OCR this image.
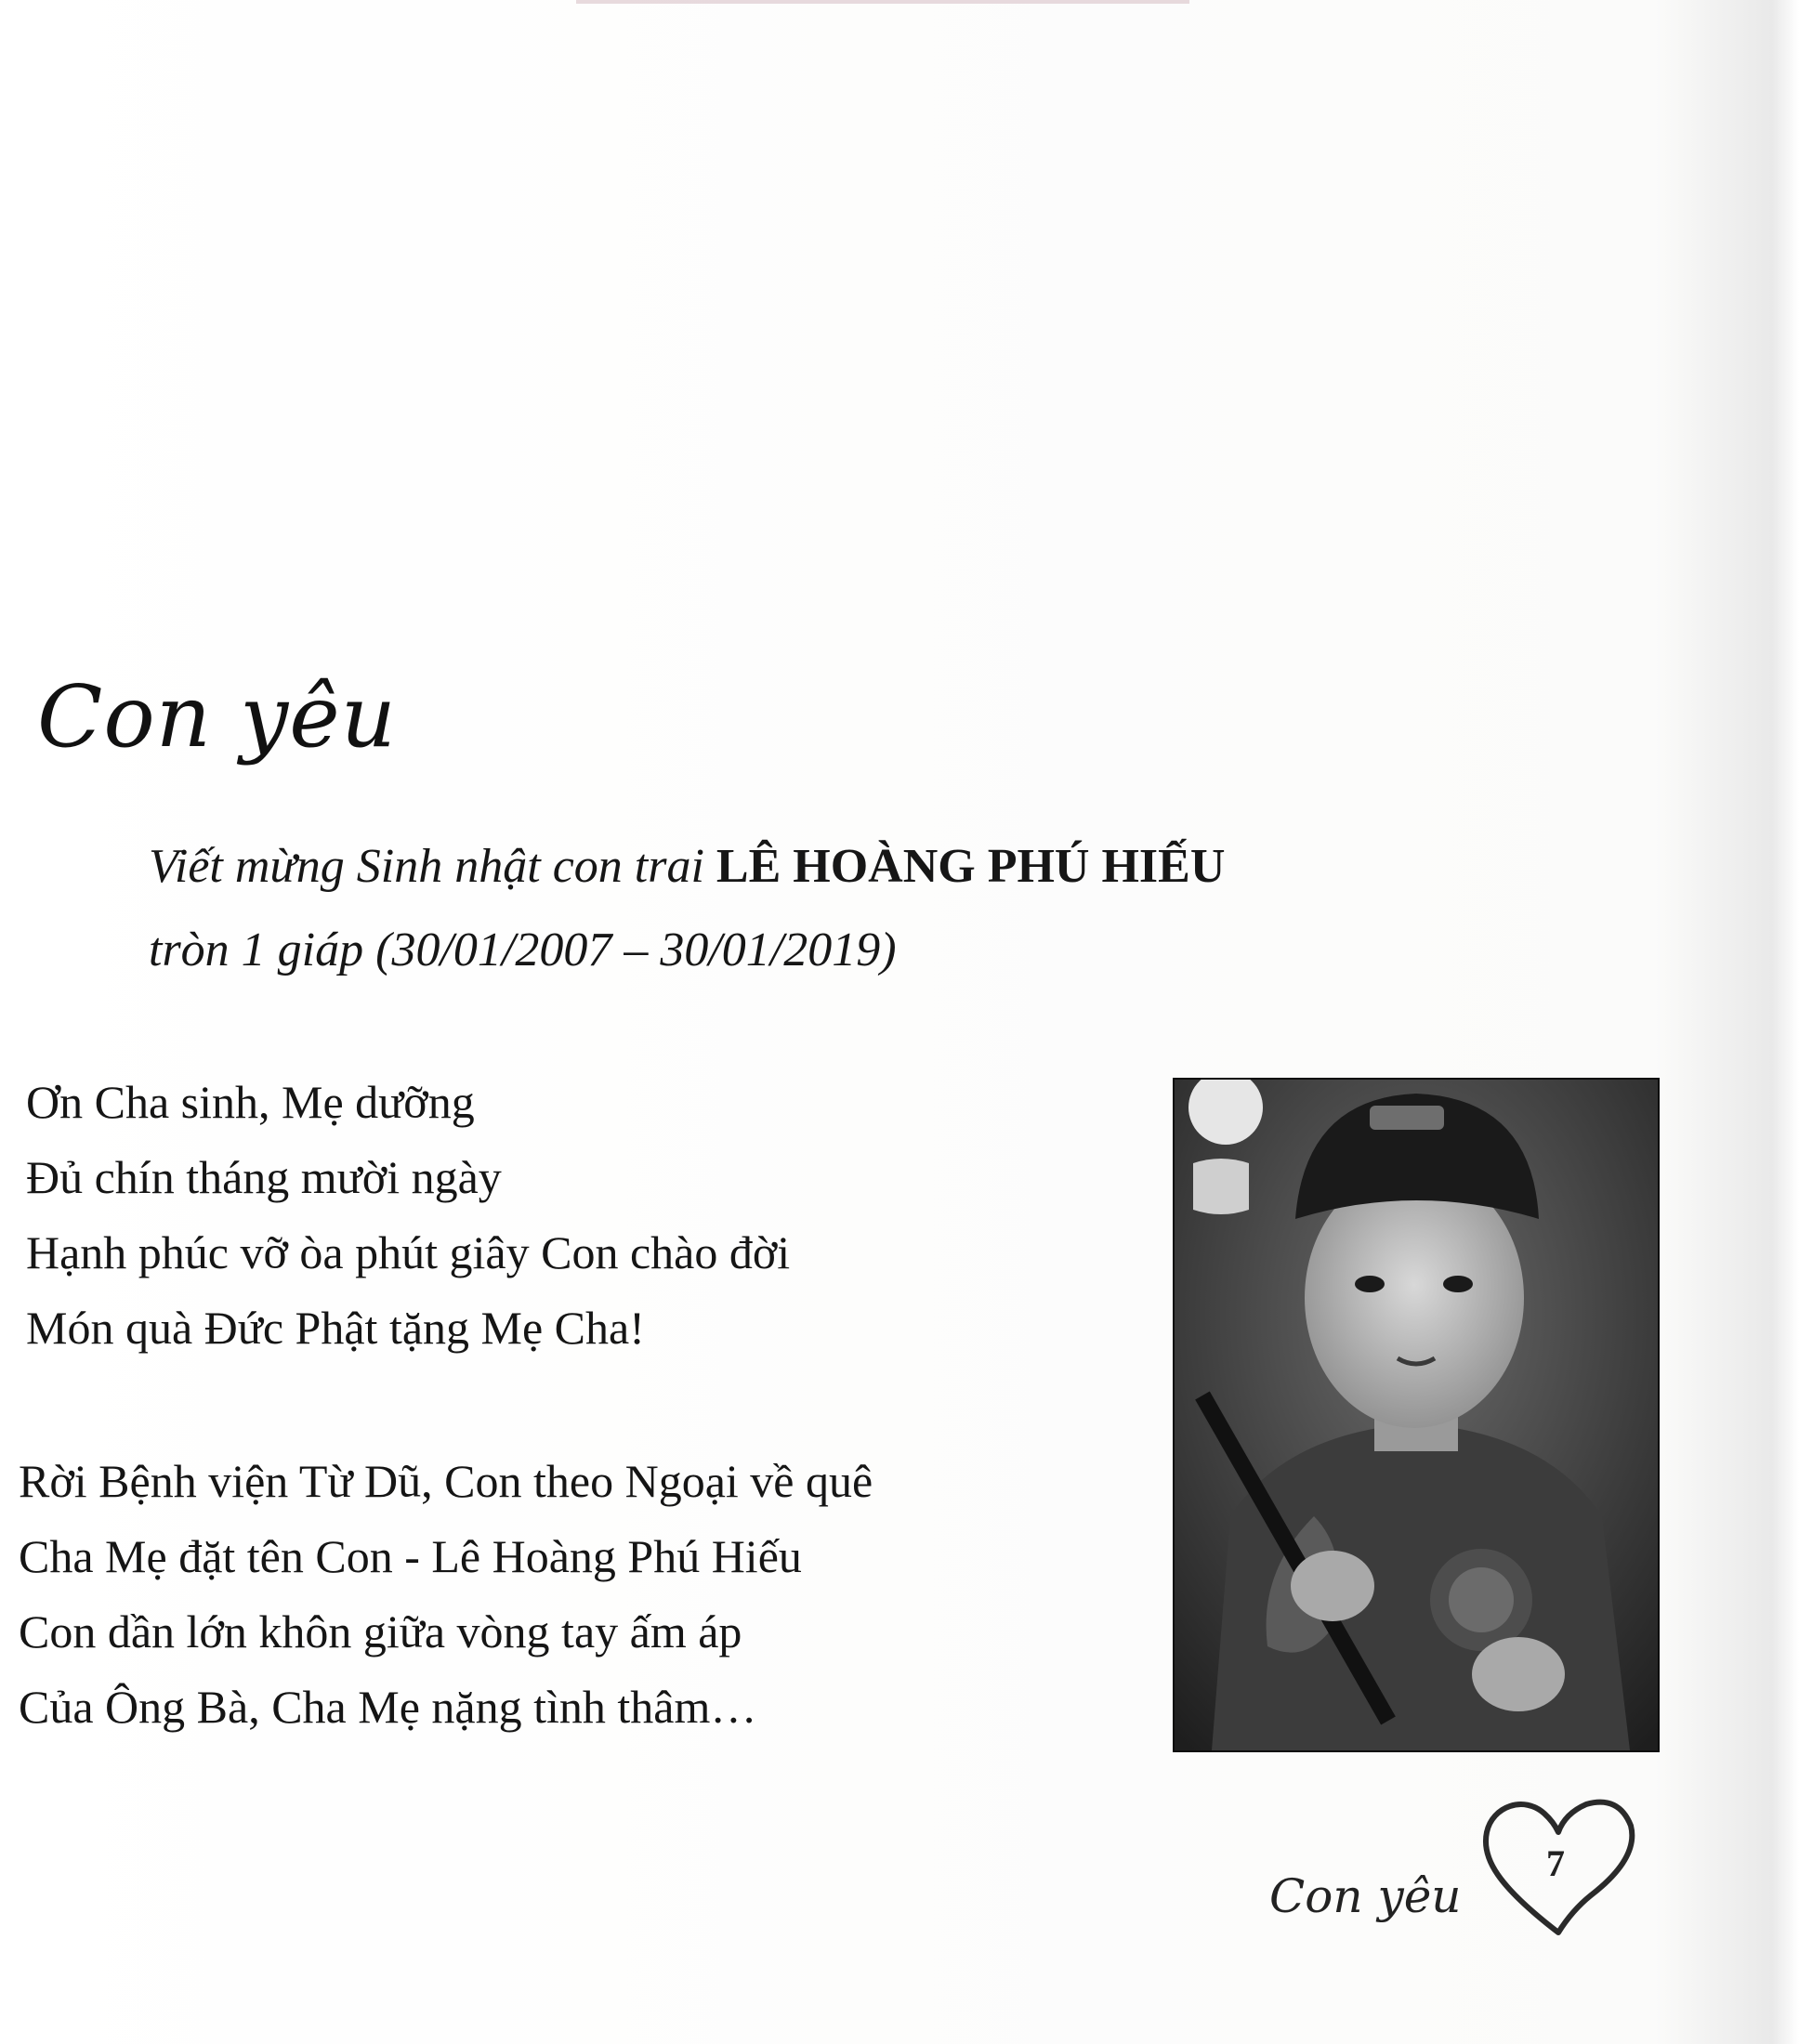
Con yêu
Viết mừng Sinh nhật con trai LÊ HOÀNG PHÚ HIẾU
tròn 1 giáp (30/01/2007 – 30/01/2019)
Ơn Cha sinh, Mẹ dưỡng
Đủ chín tháng mười ngày
Hạnh phúc vỡ òa phút giây Con chào đời
Món quà Đức Phật tặng Mẹ Cha!
Rời Bệnh viện Từ Dũ, Con theo Ngoại về quê
Cha Mẹ đặt tên Con - Lê Hoàng Phú Hiếu
Con dần lớn khôn giữa vòng tay ấm áp
Của Ông Bà, Cha Mẹ nặng tình thâm…
Con yêu
7
